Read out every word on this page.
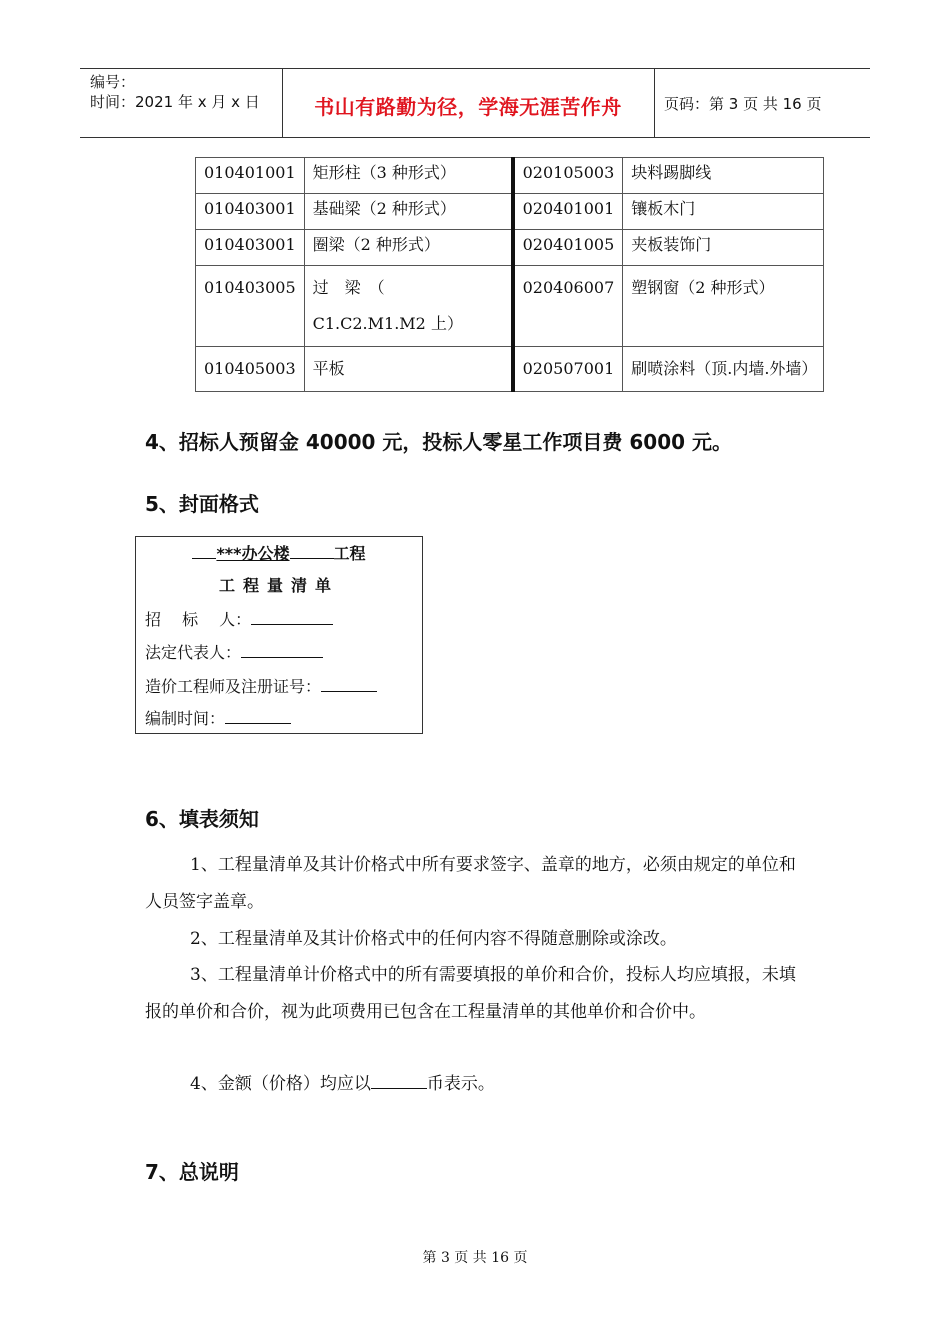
编号：
时间：2021 年 x 月 x 日	书山有路勤为径，学海无涯苦作舟	页码：第 3 页 共 16 页
010401001	矩形柱（3 种形式）	020105003	块料踢脚线
010403001	基础梁（2 种形式）	020401001	镶板木门
010403001	圈梁（2 种形式）	020401005	夹板装饰门
010403005	过　梁　（　C1.C2.M1.M2 上）	020406007	塑钢窗（2 种形式）
010405003	平板	020507001	刷喷涂料（顶.内墙.外墙）
4、招标人预留金 40000 元，投标人零星工作项目费 6000 元。
5、封面格式
***办公楼	工程
工程量清单
招　 标　 人：
法定代表人：
造价工程师及注册证号：
编制时间：
6、填表须知
1、工程量清单及其计价格式中所有要求签字、盖章的地方，必须由规定的单位和人员签字盖章。
2、工程量清单及其计价格式中的任何内容不得随意删除或涂改。
3、工程量清单计价格式中的所有需要填报的单价和合价，投标人均应填报，未填报的单价和合价，视为此项费用已包含在工程量清单的其他单价和合价中。
4、金额（价格）均应以	币表示。
7、总说明
第 3 页 共 16 页
